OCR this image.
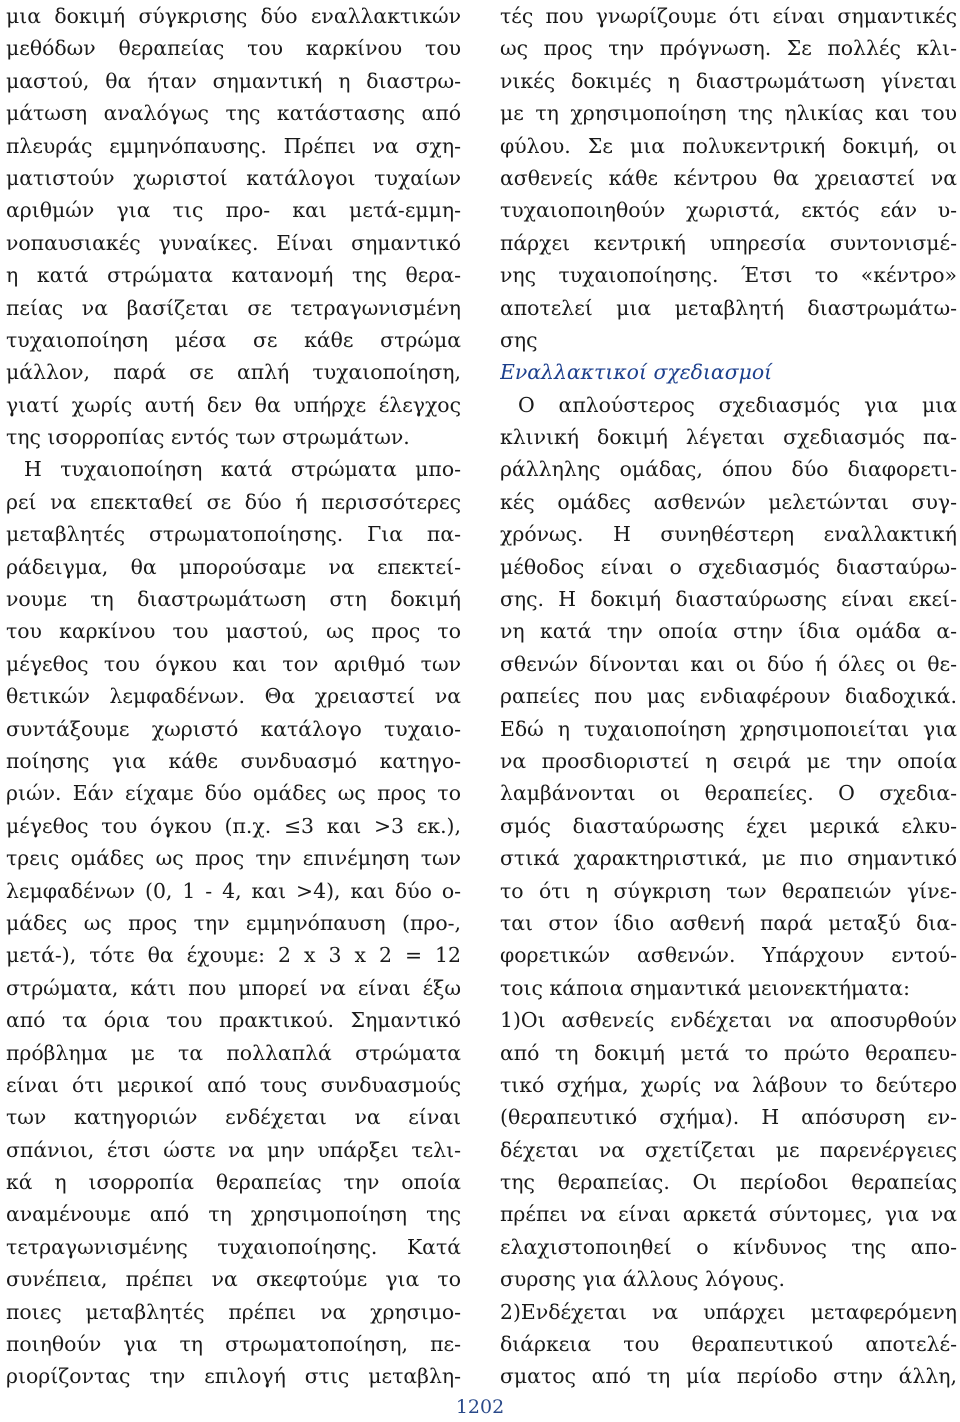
μια δοκιμή σύγκρισης δύο εναλλακτικών
μεθόδων θεραπείας του καρκίνου του
μαστού, θα ήταν σημαντική η διαστρω-
μάτωση αναλόγως της κατάστασης από
πλευράς εμμηνόπαυσης. Πρέπει να σχη-
ματιστούν χωριστοί κατάλογοι τυχαίων
αριθμών για τις προ- και μετά-εμμη-
νοπαυσιακές γυναίκες. Είναι σημαντικό
η κατά στρώματα κατανομή της θερα-
πείας να βασίζεται σε τετραγωνισμένη
τυχαιοποίηση μέσα σε κάθε στρώμα
μάλλον, παρά σε απλή τυχαιοποίηση,
γιατί χωρίς αυτή δεν θα υπήρχε έλεγχος
της ισορροπίας εντός των στρωμάτων.
Η τυχαιοποίηση κατά στρώματα μπο-
ρεί να επεκταθεί σε δύο ή περισσότερες
μεταβλητές στρωματοποίησης. Για πα-
ράδειγμα, θα μπορούσαμε να επεκτεί-
νουμε τη διαστρωμάτωση στη δοκιμή
του καρκίνου του μαστού, ως προς το
μέγεθος του όγκου και τον αριθμό των
θετικών λεμφαδένων. Θα χρειαστεί να
συντάξουμε χωριστό κατάλογο τυχαιο-
ποίησης για κάθε συνδυασμό κατηγο-
ριών. Εάν είχαμε δύο ομάδες ως προς το
μέγεθος του όγκου (π.χ. ≤3 και >3 εκ.),
τρεις ομάδες ως προς την επινέμηση των
λεμφαδένων (0, 1 - 4, και >4), και δύο ο-
μάδες ως προς την εμμηνόπαυση (προ-,
μετά-), τότε θα έχουμε: 2 x 3 x 2 = 12
στρώματα, κάτι που μπορεί να είναι έξω
από τα όρια του πρακτικού. Σημαντικό
πρόβλημα με τα πολλαπλά στρώματα
είναι ότι μερικοί από τους συνδυασμούς
των κατηγοριών ενδέχεται να είναι
σπάνιοι, έτσι ώστε να μην υπάρξει τελι-
κά η ισορροπία θεραπείας την οποία
αναμένουμε από τη χρησιμοποίηση της
τετραγωνισμένης τυχαιοποίησης. Κατά
συνέπεια, πρέπει να σκεφτούμε για το
ποιες μεταβλητές πρέπει να χρησιμο-
ποιηθούν για τη στρωματοποίηση, πε-
ριορίζοντας την επιλογή στις μεταβλη-
τές που γνωρίζουμε ότι είναι σημαντικές
ως προς την πρόγνωση. Σε πολλές κλι-
νικές δοκιμές η διαστρωμάτωση γίνεται
με τη χρησιμοποίηση της ηλικίας και του
φύλου. Σε μια πολυκεντρική δοκιμή, οι
ασθενείς κάθε κέντρου θα χρειαστεί να
τυχαιοποιηθούν χωριστά, εκτός εάν υ-
πάρχει κεντρική υπηρεσία συντονισμέ-
νης τυχαιοποίησης. Έτσι το «κέντρο»
αποτελεί μια μεταβλητή διαστρωμάτω-
σης
Εναλλακτικοί σχεδιασμοί
Ο απλούστερος σχεδιασμός για μια
κλινική δοκιμή λέγεται σχεδιασμός πα-
ράλληλης ομάδας, όπου δύο διαφορετι-
κές ομάδες ασθενών μελετώνται συγ-
χρόνως. Η συνηθέστερη εναλλακτική
μέθοδος είναι ο σχεδιασμός διασταύρω-
σης. Η δοκιμή διασταύρωσης είναι εκεί-
νη κατά την οποία στην ίδια ομάδα α-
σθενών δίνονται και οι δύο ή όλες οι θε-
ραπείες που μας ενδιαφέρουν διαδοχικά.
Εδώ η τυχαιοποίηση χρησιμοποιείται για
να προσδιοριστεί η σειρά με την οποία
λαμβάνονται οι θεραπείες. Ο σχεδια-
σμός διασταύρωσης έχει μερικά ελκυ-
στικά χαρακτηριστικά, με πιο σημαντικό
το ότι η σύγκριση των θεραπειών γίνε-
ται στον ίδιο ασθενή παρά μεταξύ δια-
φορετικών ασθενών. Υπάρχουν εντού-
τοις κάποια σημαντικά μειονεκτήματα:
1)Οι ασθενείς ενδέχεται να αποσυρθούν
από τη δοκιμή μετά το πρώτο θεραπευ-
τικό σχήμα, χωρίς να λάβουν το δεύτερο
(θεραπευτικό σχήμα). Η απόσυρση εν-
δέχεται να σχετίζεται με παρενέργειες
της θεραπείας. Οι περίοδοι θεραπείας
πρέπει να είναι αρκετά σύντομες, για να
ελαχιστοποιηθεί ο κίνδυνος της απο-
συρσης για άλλους λόγους.
2)Ενδέχεται να υπάρχει μεταφερόμενη
διάρκεια του θεραπευτικού αποτελέ-
σματος από τη μία περίοδο στην άλλη,
1202
